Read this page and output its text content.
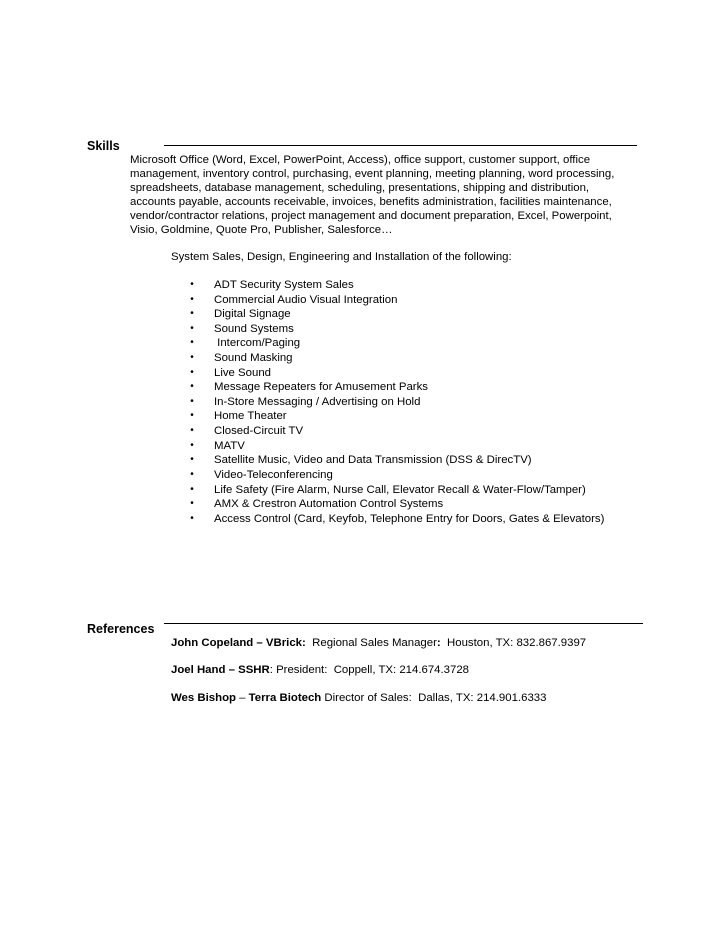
Skills
Microsoft Office (Word, Excel, PowerPoint, Access), office support, customer support, office
management, inventory control, purchasing, event planning, meeting planning, word processing,
spreadsheets, database management, scheduling, presentations, shipping and distribution,
accounts payable, accounts receivable, invoices, benefits administration, facilities maintenance,
vendor/contractor relations, project management and document preparation, Excel, Powerpoint,
Visio, Goldmine, Quote Pro, Publisher, Salesforce…
System Sales, Design, Engineering and Installation of the following:
• ADT Security System Sales
• Commercial Audio Visual Integration
• Digital Signage
• Sound Systems
• Intercom/Paging
• Sound Masking
• Live Sound
• Message Repeaters for Amusement Parks
• In-Store Messaging / Advertising on Hold
• Home Theater
• Closed-Circuit TV
• MATV
• Satellite Music, Video and Data Transmission (DSS & DirecTV)
• Video-Teleconferencing
• Life Safety (Fire Alarm, Nurse Call, Elevator Recall & Water-Flow/Tamper)
• AMX & Crestron Automation Control Systems
• Access Control (Card, Keyfob, Telephone Entry for Doors, Gates & Elevators)
References
John Copeland – VBrick:  Regional Sales Manager:  Houston, TX: 832.867.9397
Joel Hand – SSHR: President:  Coppell, TX: 214.674.3728
Wes Bishop – Terra Biotech Director of Sales:  Dallas, TX: 214.901.6333
